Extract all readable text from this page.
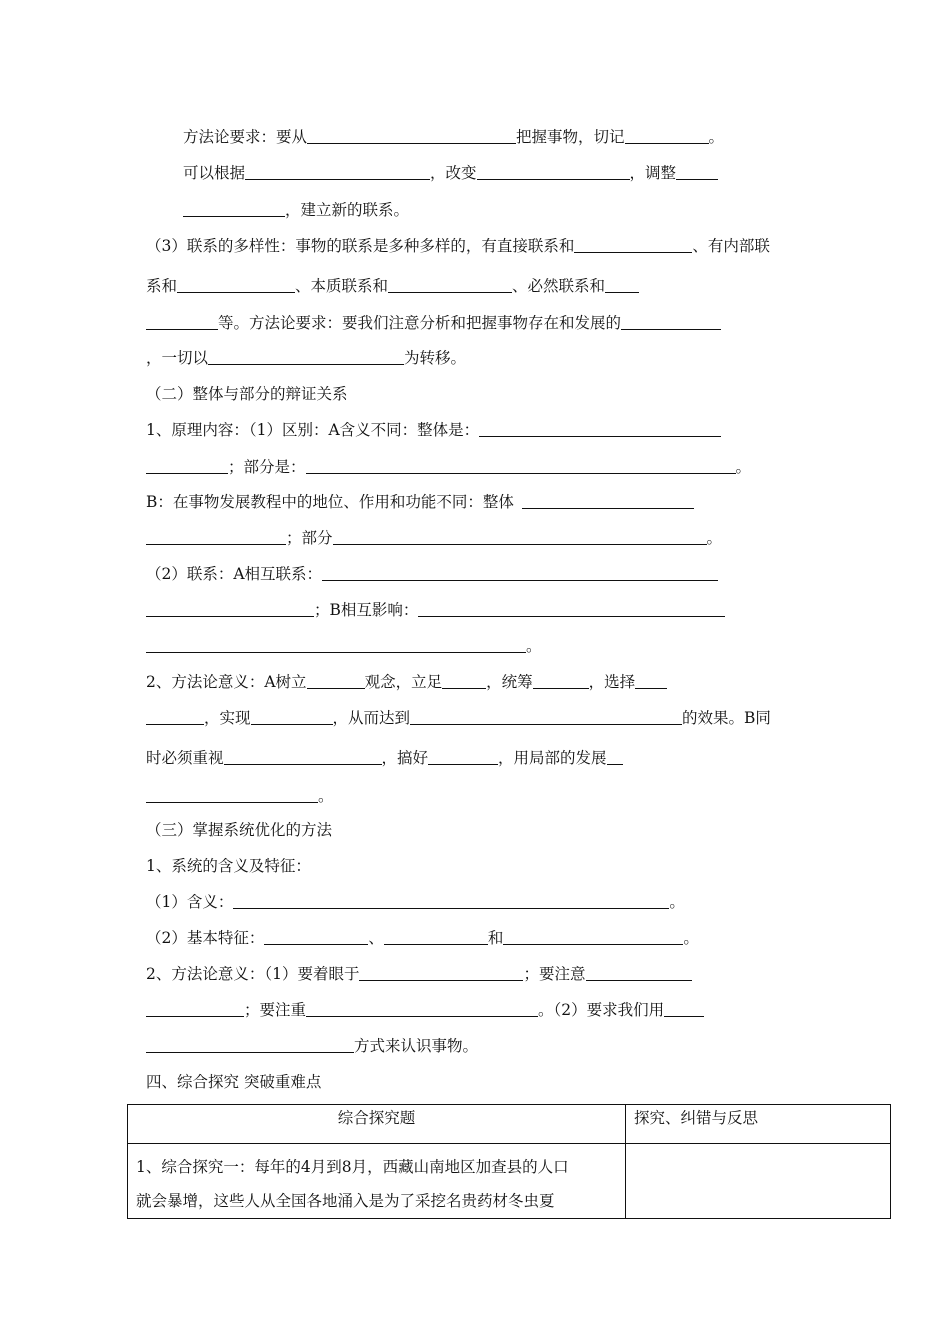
方法论要求：要从	把握事物，切记	。
可以根据	，改变	，调整
，建立新的联系。
（3）联系的多样性：事物的联系是多种多样的，有直接联系和	、有内部联
系和	、本质联系和	、必然联系和
等。方法论要求：要我们注意分析和把握事物存在和发展的
，一切以	为转移。
（二）整体与部分的辩证关系
1、原理内容：（1）区别：A含义不同：整体是：
；部分是：	。
B：在事物发展教程中的地位、作用和功能不同：整体
；部分	。
（2）联系：A相互联系：
；B相互影响：
。
2、方法论意义：A树立	观念，立足	，统筹	，选择
，实现	，从而达到	的效果。B同
时必须重视	，搞好	，用局部的发展
。
（三）掌握系统优化的方法
1、系统的含义及特征：
（1）含义：	。
（2）基本特征：	、	和	。
2、方法论意义：（1）要着眼于	；要注意
；要注重	。（2）要求我们用
方式来认识事物。
四、综合探究 突破重难点
综合探究题	探究、纠错与反思

1、综合探究一：每年的4月到8月，西藏山南地区加查县的人口
就会暴增，这些人从全国各地涌入是为了采挖名贵药材冬虫夏	
